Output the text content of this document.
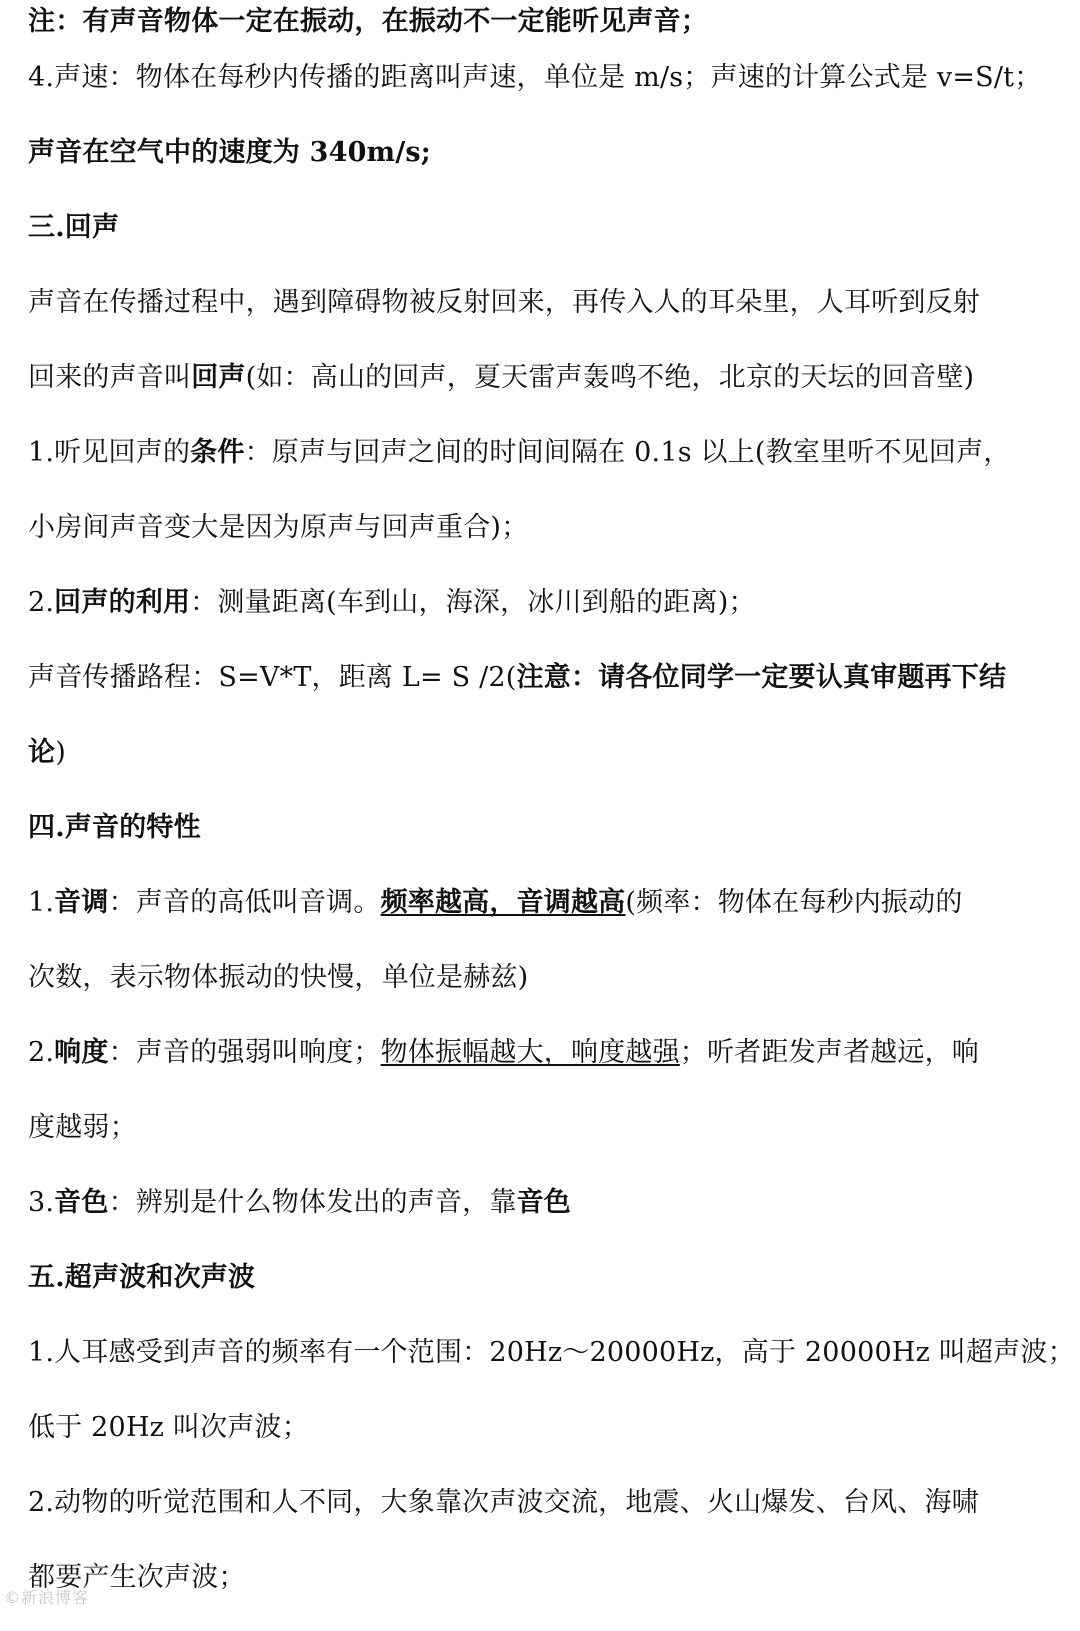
注：有声音物体一定在振动，在振动不一定能听见声音；
4.声速：物体在每秒内传播的距离叫声速，单位是 m/s；声速的计算公式是 v=S/t；
声音在空气中的速度为 340m/s;
三.回声
声音在传播过程中，遇到障碍物被反射回来，再传入人的耳朵里，人耳听到反射
回来的声音叫回声(如：高山的回声，夏天雷声轰鸣不绝，北京的天坛的回音壁)
1.听见回声的条件：原声与回声之间的时间间隔在 0.1s 以上(教室里听不见回声，
小房间声音变大是因为原声与回声重合)；
2.回声的利用：测量距离(车到山，海深，冰川到船的距离)；
声音传播路程：S=V*T，距离 L= S /2(注意：请各位同学一定要认真审题再下结
论)
四.声音的特性
1.音调：声音的高低叫音调。频率越高，音调越高(频率：物体在每秒内振动的
次数，表示物体振动的快慢，单位是赫兹)
2.响度：声音的强弱叫响度；物体振幅越大，响度越强；听者距发声者越远，响
度越弱；
3.音色：辨别是什么物体发出的声音，靠音色
五.超声波和次声波
1.人耳感受到声音的频率有一个范围：20Hz～20000Hz，高于 20000Hz 叫超声波；
低于 20Hz 叫次声波；
2.动物的听觉范围和人不同，大象靠次声波交流，地震、火山爆发、台风、海啸
都要产生次声波；
©新浪博客
